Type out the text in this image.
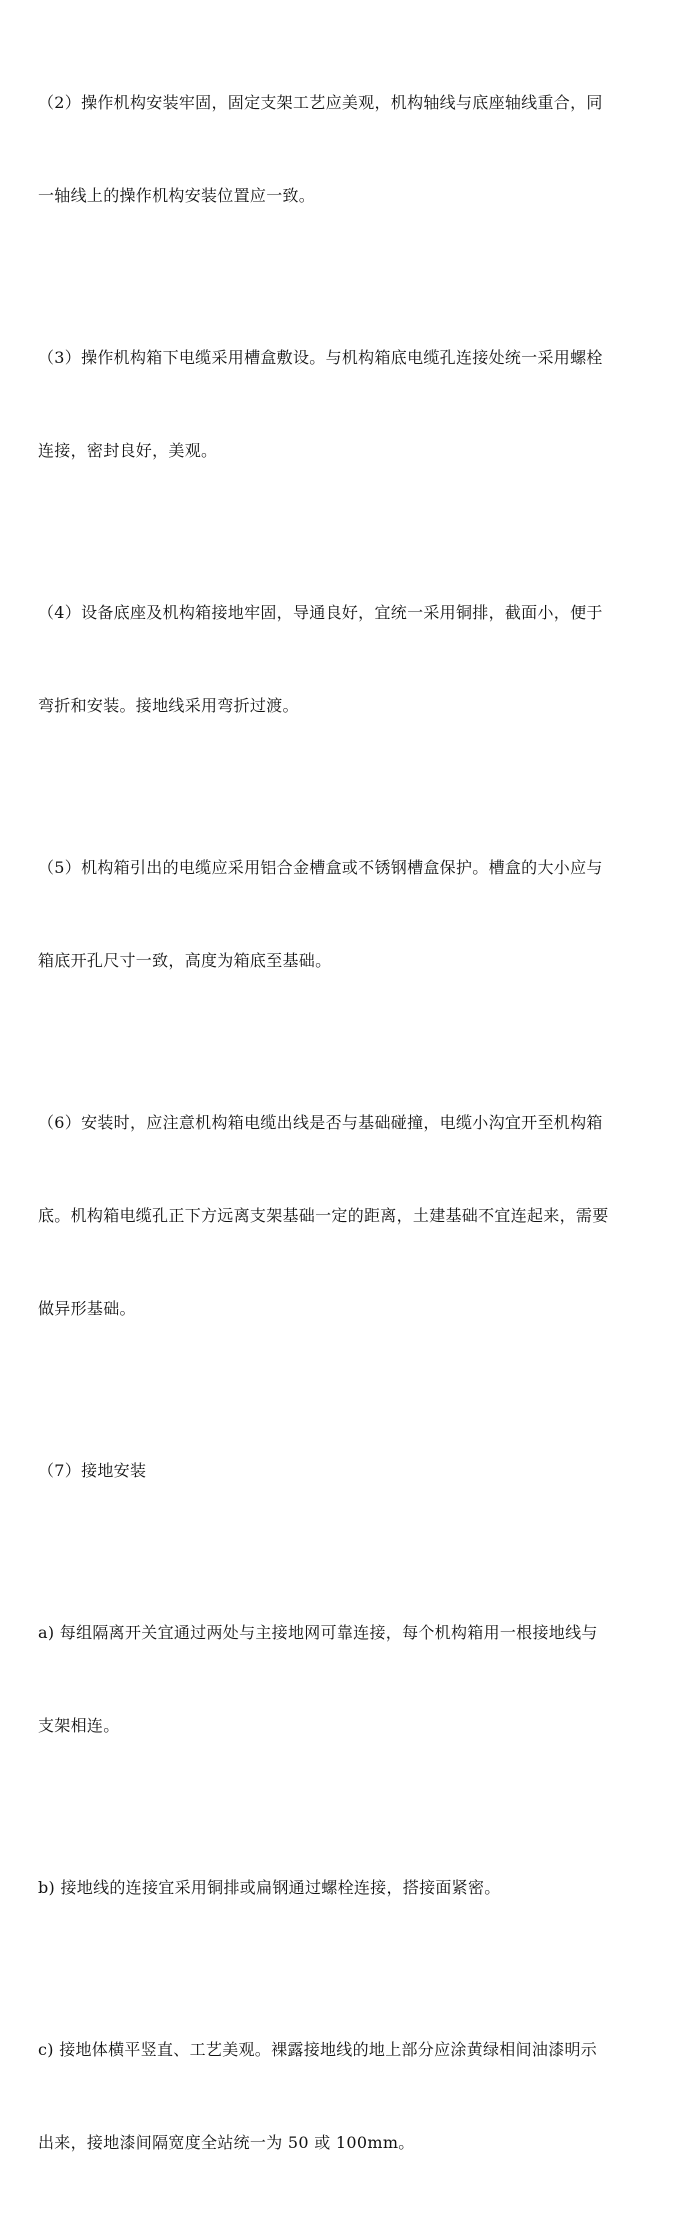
（2）操作机构安装牢固，固定支架工艺应美观，机构轴线与底座轴线重合，同

一轴线上的操作机构安装位置应一致。

（3）操作机构箱下电缆采用槽盒敷设。与机构箱底电缆孔连接处统一采用螺栓

连接，密封良好，美观。

（4）设备底座及机构箱接地牢固，导通良好，宜统一采用铜排，截面小，便于

弯折和安装。接地线采用弯折过渡。

（5）机构箱引出的电缆应采用铝合金槽盒或不锈钢槽盒保护。槽盒的大小应与

箱底开孔尺寸一致，高度为箱底至基础。

（6）安装时，应注意机构箱电缆出线是否与基础碰撞，电缆小沟宜开至机构箱

底。机构箱电缆孔正下方远离支架基础一定的距离，土建基础不宜连起来，需要

做异形基础。

（7）接地安装

a) 每组隔离开关宜通过两处与主接地网可靠连接，每个机构箱用一根接地线与

支架相连。

b) 接地线的连接宜采用铜排或扁钢通过螺栓连接，搭接面紧密。

c) 接地体横平竖直、工艺美观。裸露接地线的地上部分应涂黄绿相间油漆明示

出来，接地漆间隔宽度全站统一为 50 或 100mm。
